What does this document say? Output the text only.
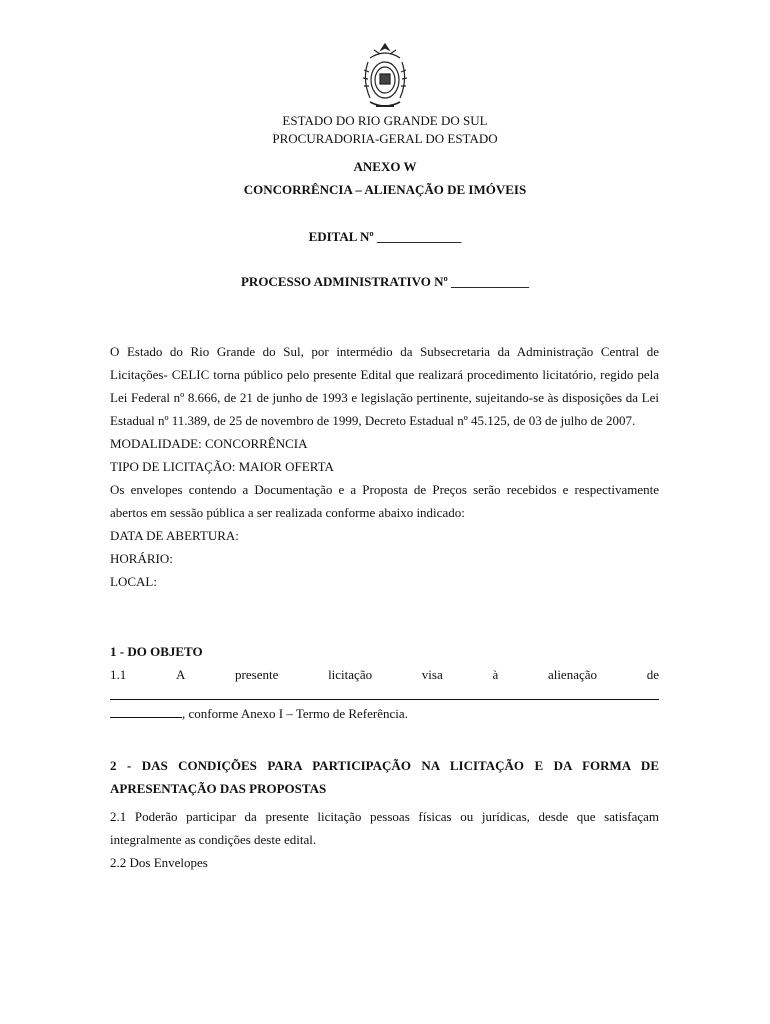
ESTADO DO RIO GRANDE DO SUL
PROCURADORIA-GERAL DO ESTADO
ANEXO W
CONCORRÊNCIA – ALIENAÇÃO DE IMÓVEIS
EDITAL Nº _____________
PROCESSO ADMINISTRATIVO Nº ____________

O Estado do Rio Grande do Sul, por intermédio da Subsecretaria da Administração Central de Licitações- CELIC torna público pelo presente Edital que realizará procedimento licitatório, regido pela Lei Federal nº 8.666, de 21 de junho de 1993 e legislação pertinente, sujeitando-se às disposições da Lei Estadual nº 11.389, de 25 de novembro de 1999, Decreto Estadual nº 45.125, de 03 de julho de 2007.

MODALIDADE: CONCORRÊNCIA

TIPO DE LICITAÇÃO: MAIOR OFERTA

Os envelopes contendo a Documentação e a Proposta de Preços serão recebidos e respectivamente abertos em sessão pública a ser realizada conforme abaixo indicado:

DATA DE ABERTURA:

HORÁRIO:

LOCAL:

1 - DO OBJETO

1.1	A	presente	licitação	visa	à	alienação	de
, conforme Anexo I – Termo de Referência.

2 - DAS CONDIÇÕES PARA PARTICIPAÇÃO NA LICITAÇÃO E DA FORMA DE APRESENTAÇÃO DAS PROPOSTAS

2.1 Poderão participar da presente licitação pessoas físicas ou jurídicas, desde que satisfaçam integralmente as condições deste edital.

2.2 Dos Envelopes
